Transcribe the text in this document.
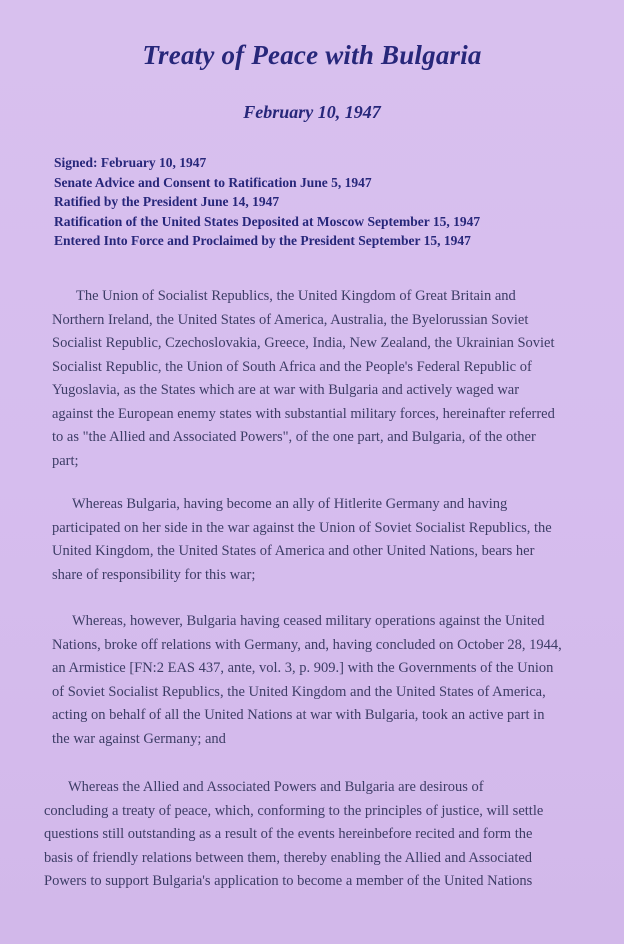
Treaty of Peace with Bulgaria
February 10, 1947
Signed: February 10, 1947
Senate Advice and Consent to Ratification June 5, 1947
Ratified by the President June 14, 1947
Ratification of the United States Deposited at Moscow September 15, 1947
Entered Into Force and Proclaimed by the President September 15, 1947
The Union of Socialist Republics, the United Kingdom of Great Britain and
Northern Ireland, the United States of America, Australia, the Byelorussian Soviet
Socialist Republic, Czechoslovakia, Greece, India, New Zealand, the Ukrainian Soviet
Socialist Republic, the Union of South Africa and the People's Federal Republic of
Yugoslavia, as the States which are at war with Bulgaria and actively waged war
against the European enemy states with substantial military forces, hereinafter referred
to as "the Allied and Associated Powers", of the one part, and Bulgaria, of the other
part;
Whereas Bulgaria, having become an ally of Hitlerite Germany and having
participated on her side in the war against the Union of Soviet Socialist Republics, the
United Kingdom, the United States of America and other United Nations, bears her
share of responsibility for this war;
Whereas, however, Bulgaria having ceased military operations against the United
Nations, broke off relations with Germany, and, having concluded on October 28, 1944,
an Armistice [FN:2 EAS 437, ante, vol. 3, p. 909.] with the Governments of the Union
of Soviet Socialist Republics, the United Kingdom and the United States of America,
acting on behalf of all the United Nations at war with Bulgaria, took an active part in
the war against Germany; and
Whereas the Allied and Associated Powers and Bulgaria are desirous of
concluding a treaty of peace, which, conforming to the principles of justice, will settle
questions still outstanding as a result of the events hereinbefore recited and form the
basis of friendly relations between them, thereby enabling the Allied and Associated
Powers to support Bulgaria's application to become a member of the United Nations
